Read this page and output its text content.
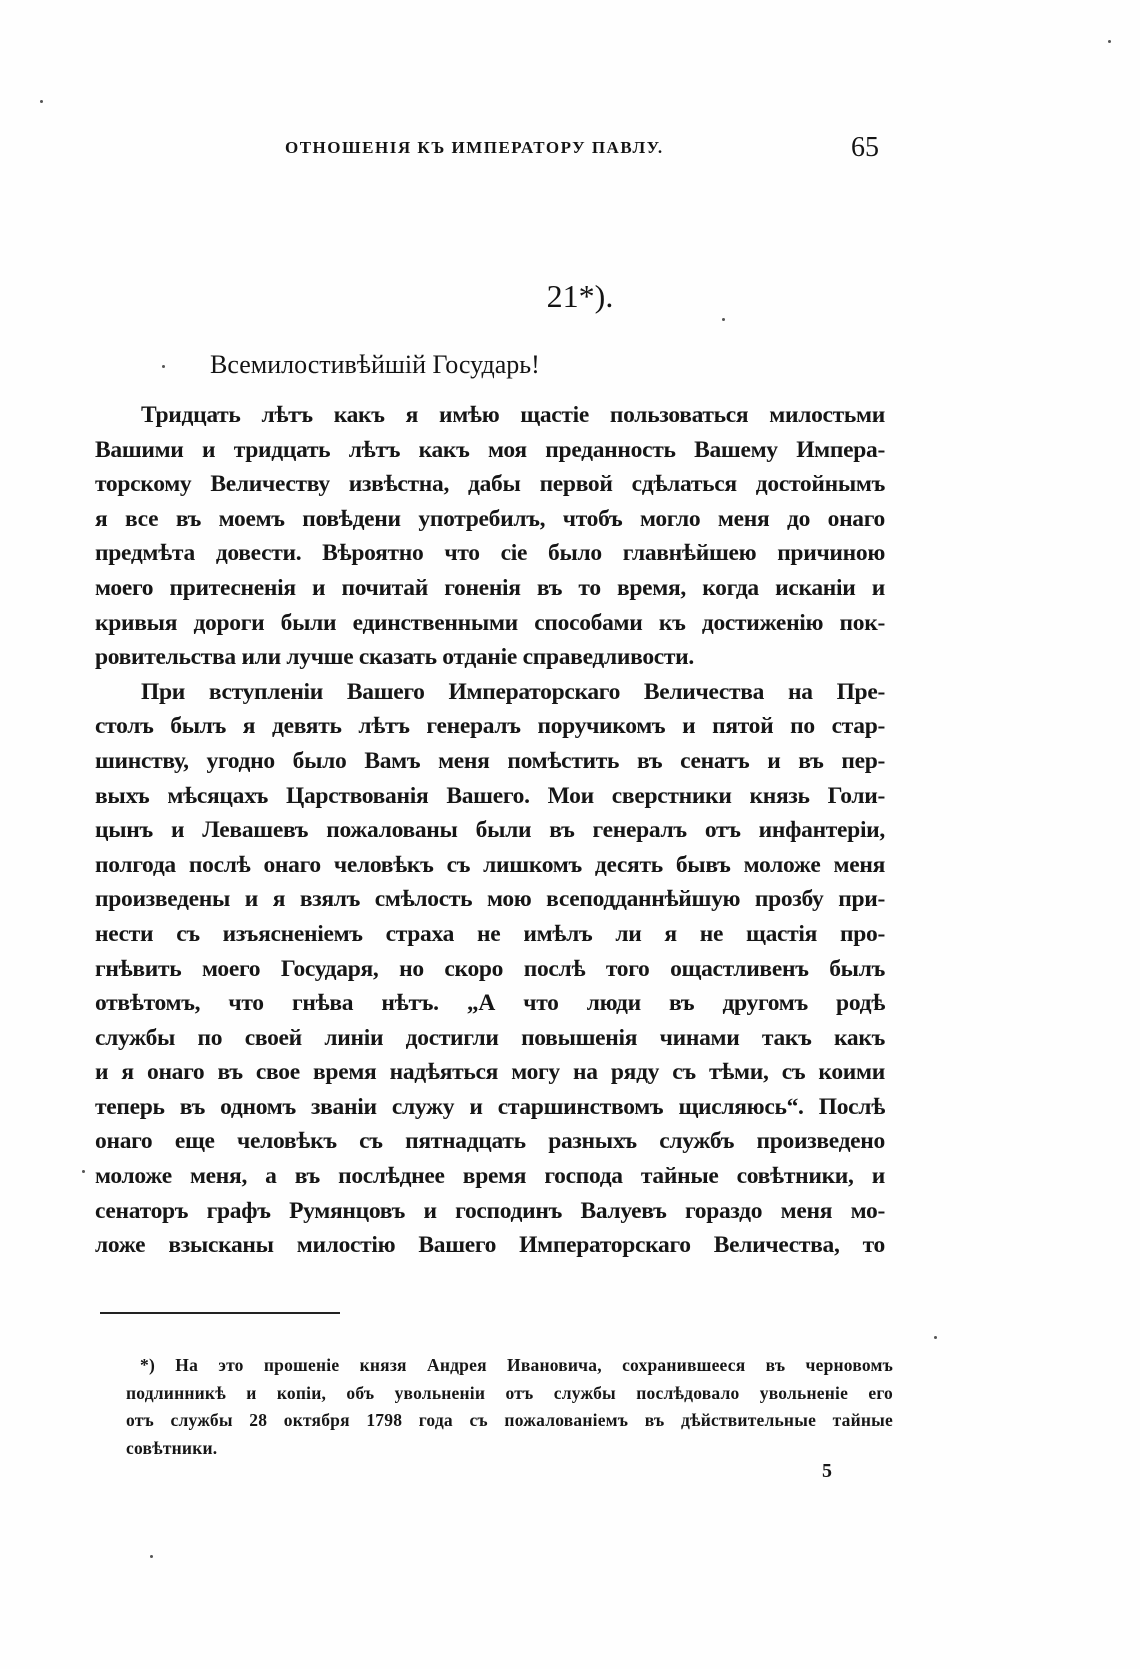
ОТНОШЕНІЯ КЪ ИМПЕРАТОРУ ПАВЛУ.	65
21*).
Всемилостивѣйшій Государь!
Тридцать лѣтъ какъ я имѣю щастіе пользоваться милостьми
Вашими и тридцать лѣтъ какъ моя преданность Вашему Импера-
торскому Величеству извѣстна, дабы первой сдѣлаться достойнымъ
я все въ моемъ повѣдени употребилъ, чтобъ могло меня до онаго
предмѣта довести. Вѣроятно что сіе было главнѣйшею причиною
моего притесненія и почитай гоненія въ то время, когда исканіи и
кривыя дороги были единственными способами къ достиженію пок-
ровительства или лучше сказать отданіе справедливости.
При вступленіи Вашего Императорскаго Величества на Пре-
столъ былъ я девять лѣтъ генералъ поручикомъ и пятой по стар-
шинству, угодно было Вамъ меня помѣстить въ сенатъ и въ пер-
выхъ мѣсяцахъ Царствованія Вашего. Мои сверстники князь Голи-
цынъ и Левашевъ пожалованы были въ генералъ отъ инфантеріи,
полгода послѣ онаго человѣкъ съ лишкомъ десять бывъ моложе меня
произведены и я взялъ смѣлость мою всеподданнѣйшую прозбу при-
нести съ изъясненіемъ страха не имѣлъ ли я не щастія про-
гнѣвить моего Государя, но скоро послѣ того ощастливенъ былъ
отвѣтомъ, что гнѣва нѣтъ. „А что люди въ другомъ родѣ
службы по своей линіи достигли повышенія чинами такъ какъ
и я онаго въ свое время надѣяться могу на ряду съ тѣми, съ коими
теперь въ одномъ званіи служу и старшинствомъ щисляюсь“. Послѣ
онаго еще человѣкъ съ пятнадцать разныхъ службъ произведено
моложе меня, а въ послѣднее время господа тайные совѣтники, и
сенаторъ графъ Румянцовъ и господинъ Валуевъ гораздо меня мо-
ложе взысканы милостію Вашего Императорскаго Величества, то
*) На это прошеніе князя Андрея Ивановича, сохранившееся въ черновомъ
подлинникѣ и копіи, объ увольненіи отъ службы послѣдовало увольненіе его
отъ службы 28 октября 1798 года съ пожалованіемъ въ дѣйствительные тайные
совѣтники.
5
